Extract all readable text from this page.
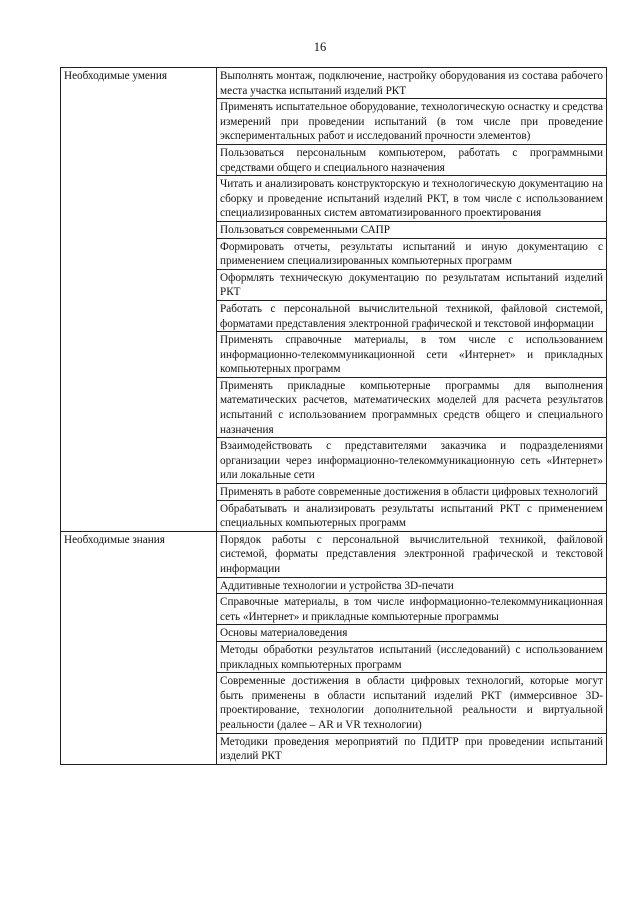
16
Необходимые умения	Выполнять монтаж, подключение, настройку оборудования из состава рабочего места участка испытаний изделий РКТ
	Применять испытательное оборудование, технологическую оснастку и средства измерений при проведении испытаний (в том числе при проведение экспериментальных работ и исследований прочности элементов)
	Пользоваться персональным компьютером, работать с программными средствами общего и специального назначения
	Читать и анализировать конструкторскую и технологическую документацию на сборку и проведение испытаний изделий РКТ, в том числе с использованием специализированных систем автоматизированного проектирования
	Пользоваться современными САПР
	Формировать отчеты, результаты испытаний и иную документацию с применением специализированных компьютерных программ
	Оформлять техническую документацию по результатам испытаний изделий РКТ
	Работать с персональной вычислительной техникой, файловой системой, форматами представления электронной графической и текстовой информации
	Применять справочные материалы, в том числе с использованием информационно-телекоммуникационной сети «Интернет» и прикладных компьютерных программ
	Применять прикладные компьютерные программы для выполнения математических расчетов, математических моделей для расчета результатов испытаний с использованием программных средств общего и специального назначения
	Взаимодействовать с представителями заказчика и подразделениями организации через информационно-телекоммуникационную сеть «Интернет» или локальные сети
	Применять в работе современные достижения в области цифровых технологий
	Обрабатывать и анализировать результаты испытаний РКТ с применением специальных компьютерных программ
Необходимые знания	Порядок работы с персональной вычислительной техникой, файловой системой, форматы представления электронной графической и текстовой информации
	Аддитивные технологии и устройства 3D-печати
	Справочные материалы, в том числе информационно-телекоммуникационная сеть «Интернет» и прикладные компьютерные программы
	Основы материаловедения
	Методы обработки результатов испытаний (исследований) с использованием прикладных компьютерных программ
	Современные достижения в области цифровых технологий, которые могут быть применены в области испытаний изделий РКТ (иммерсивное 3D-проектирование, технологии дополнительной реальности и виртуальной реальности (далее – AR и VR технологии)
	Методики проведения мероприятий по ПДИТР при проведении испытаний изделий РКТ
